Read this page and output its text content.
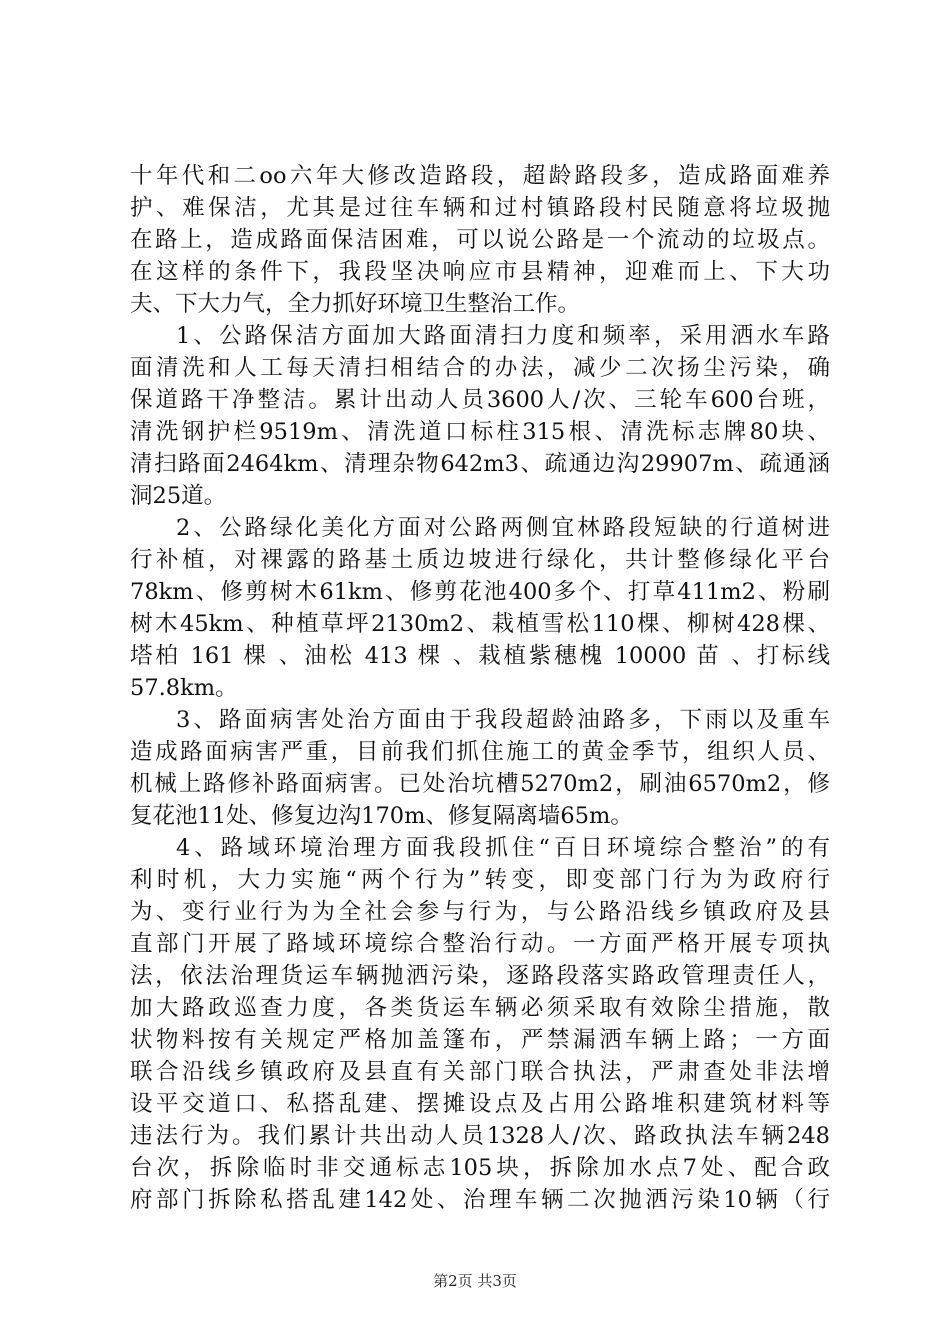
十年代和二oo六年大修改造路段，超龄路段多，造成路面难养
护、难保洁，尤其是过往车辆和过村镇路段村民随意将垃圾抛
在路上，造成路面保洁困难，可以说公路是一个流动的垃圾点。
在这样的条件下，我段坚决响应市县精神，迎难而上、下大功
夫、下大力气，全力抓好环境卫生整治工作。
1、公路保洁方面加大路面清扫力度和频率，采用洒水车路
面清洗和人工每天清扫相结合的办法，减少二次扬尘污染，确
保道路干净整洁。累计出动人员3600人/次、三轮车600台班，
清洗钢护栏9519m、清洗道口标柱315根、清洗标志牌80块、
清扫路面2464km、清理杂物642m3、疏通边沟29907m、疏通涵
洞25道。
2、公路绿化美化方面对公路两侧宜林路段短缺的行道树进
行补植，对裸露的路基土质边坡进行绿化，共计整修绿化平台
78km、修剪树木61km、修剪花池400多个、打草411m2、粉刷
树木45km、种植草坪2130m2、栽植雪松110棵、柳树428棵、
塔柏 161 棵 、油松 413 棵 、栽植紫穗槐 10000 苗 、打标线
57.8km。
3、路面病害处治方面由于我段超龄油路多，下雨以及重车
造成路面病害严重，目前我们抓住施工的黄金季节，组织人员、
机械上路修补路面病害。已处治坑槽5270m2，刷油6570m2，修
复花池11处、修复边沟170m、修复隔离墙65m。
4、路域环境治理方面我段抓住“百日环境综合整治”的有
利时机，大力实施“两个行为”转变，即变部门行为为政府行
为、变行业行为为全社会参与行为，与公路沿线乡镇政府及县
直部门开展了路域环境综合整治行动。一方面严格开展专项执
法，依法治理货运车辆抛洒污染，逐路段落实路政管理责任人，
加大路政巡查力度，各类货运车辆必须采取有效除尘措施，散
状物料按有关规定严格加盖篷布，严禁漏洒车辆上路；一方面
联合沿线乡镇政府及县直有关部门联合执法，严肃查处非法增
设平交道口、私搭乱建、摆摊设点及占用公路堆积建筑材料等
违法行为。我们累计共出动人员1328人/次、路政执法车辆248
台次，拆除临时非交通标志105块，拆除加水点7处、配合政
府部门拆除私搭乱建142处、治理车辆二次抛洒污染10辆（行
第2页 共3页
